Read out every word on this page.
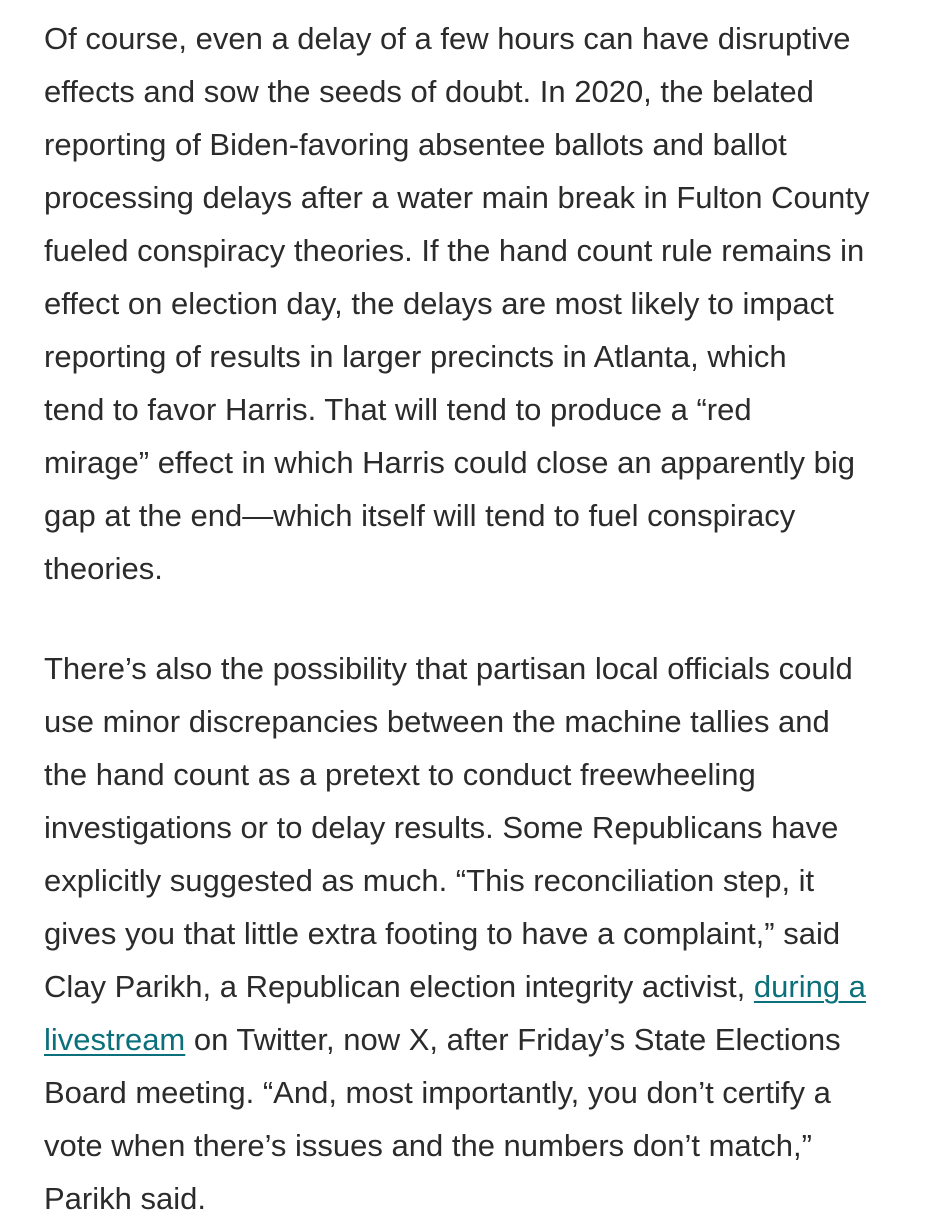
Of course, even a delay of a few hours can have disruptive
effects and sow the seeds of doubt. In 2020, the belated
reporting of Biden-favoring absentee ballots and ballot
processing delays after a water main break in Fulton County
fueled conspiracy theories. If the hand count rule remains in
effect on election day, the delays are most likely to impact
reporting of results in larger precincts in Atlanta, which
tend to favor Harris. That will tend to produce a “red
mirage” effect in which Harris could close an apparently big
gap at the end—which itself will tend to fuel conspiracy
theories.

There’s also the possibility that partisan local officials could
use minor discrepancies between the machine tallies and
the hand count as a pretext to conduct freewheeling
investigations or to delay results. Some Republicans have
explicitly suggested as much. “This reconciliation step, it
gives you that little extra footing to have a complaint,” said
Clay Parikh, a Republican election integrity activist, during a
livestream on Twitter, now X, after Friday’s State Elections
Board meeting. “And, most importantly, you don’t certify a
vote when there’s issues and the numbers don’t match,”
Parikh said.
